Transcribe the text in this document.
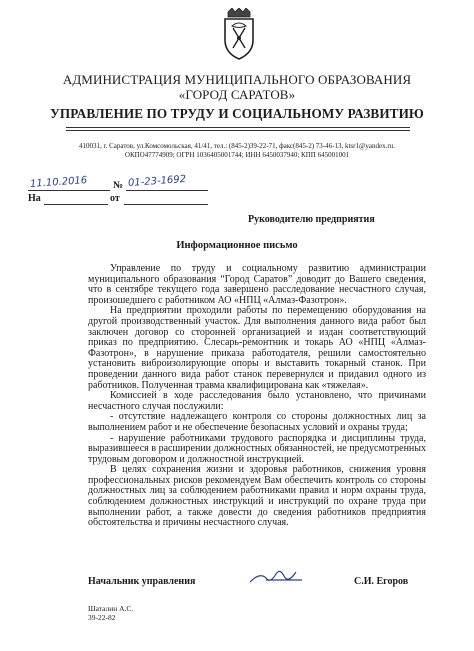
АДМИНИСТРАЦИЯ МУНИЦИПАЛЬНОГО ОБРАЗОВАНИЯ
«ГОРОД САРАТОВ»
УПРАВЛЕНИЕ ПО ТРУДУ И СОЦИАЛЬНОМУ РАЗВИТИЮ
410031, г. Саратов, ул.Комсомольская, 41/41, тел.: (845-2)39-22-71, факс(845-2) 73-46-13, ktsr1@yandex.ru.
ОКПО47774909; ОГРН 1036405001744; ИНН 6450037940; КПП 645001001
11.10.2016	№ 01-23-1692
На	от
Руководителю предприятия
Информационное письмо

Управление по труду и социальному развитию администрации муниципального образования “Город Саратов” доводит до Вашего сведения, что в сентябре текущего года завершено расследование несчастного случая, произошедшего с работником АО «НПЦ «Алмаз-Фазотрон».

На предприятии проходили работы по перемещению оборудования на другой производственный участок. Для выполнения данного вида работ был заключен договор со сторонней организацией и издан соответствующий приказ по предприятию. Слесарь-ремонтник и токарь АО «НПЦ «Алмаз-Фазотрон», в нарушение приказа работодателя, решили самостоятельно установить виброизолирующие опоры и выставить токарный станок. При проведении данного вида работ станок перевернулся и придавил одного из работников. Полученная травма квалифицирована как «тяжелая».

Комиссией в ходе расследования было установлено, что причинами несчастного случая послужили:

- отсутствие надлежащего контроля со стороны должностных лиц за выполнением работ и не обеспечение безопасных условий и охраны труда;

- нарушение работниками трудового распорядка и дисциплины труда, выразившееся в расширении должностных обязанностей, не предусмотренных трудовым договором и должностной инструкцией.

В целях сохранения жизни и здоровья работников, снижения уровня профессиональных рисков рекомендуем Вам обеспечить контроль со стороны должностных лиц за соблюдением работниками правил и норм охраны труда, соблюдением должностных инструкций и инструкций по охране труда при выполнении работ, а также довести до сведения работников предприятия обстоятельства и причины несчастного случая.

Начальник управления	С.И. Егоров
Шаталин А.С.
39-22-82
